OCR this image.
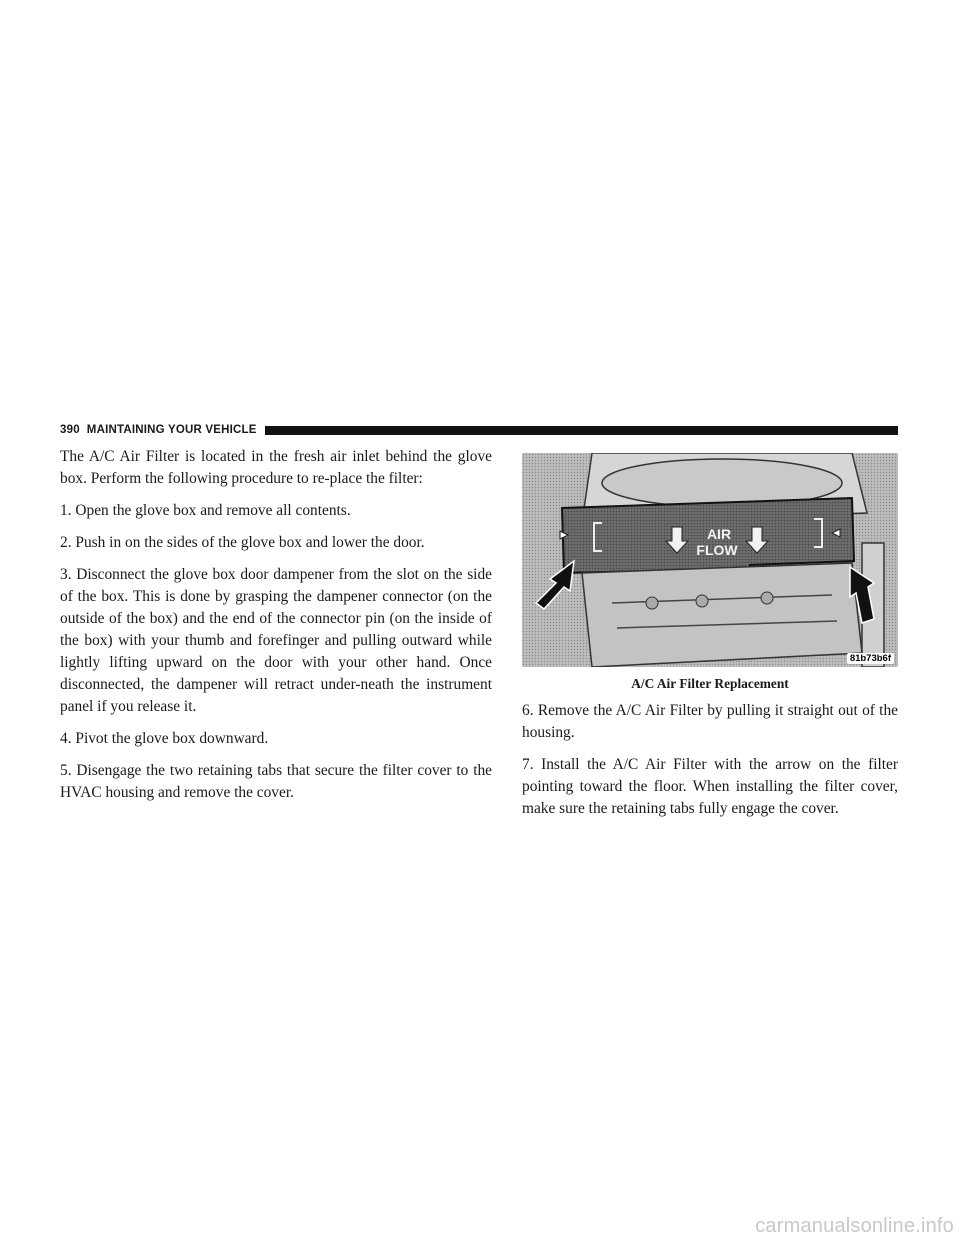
390 MAINTAINING YOUR VEHICLE

The A/C Air Filter is located in the fresh air inlet behind the glove box. Perform the following procedure to re-place the filter:

1. Open the glove box and remove all contents.

2. Push in on the sides of the glove box and lower the door.

3. Disconnect the glove box door dampener from the slot on the side of the box. This is done by grasping the dampener connector (on the outside of the box) and the end of the connector pin (on the inside of the box) with your thumb and forefinger and pulling outward while lightly lifting upward on the door with your other hand. Once disconnected, the dampener will retract under-neath the instrument panel if you release it.

4. Pivot the glove box downward.

5. Disengage the two retaining tabs that secure the filter cover to the HVAC housing and remove the cover.

AIR
FLOW
81b73b6f
A/C Air Filter Replacement

6. Remove the A/C Air Filter by pulling it straight out of the housing.

7. Install the A/C Air Filter with the arrow on the filter pointing toward the floor. When installing the filter cover, make sure the retaining tabs fully engage the cover.

carmanualsonline.info
